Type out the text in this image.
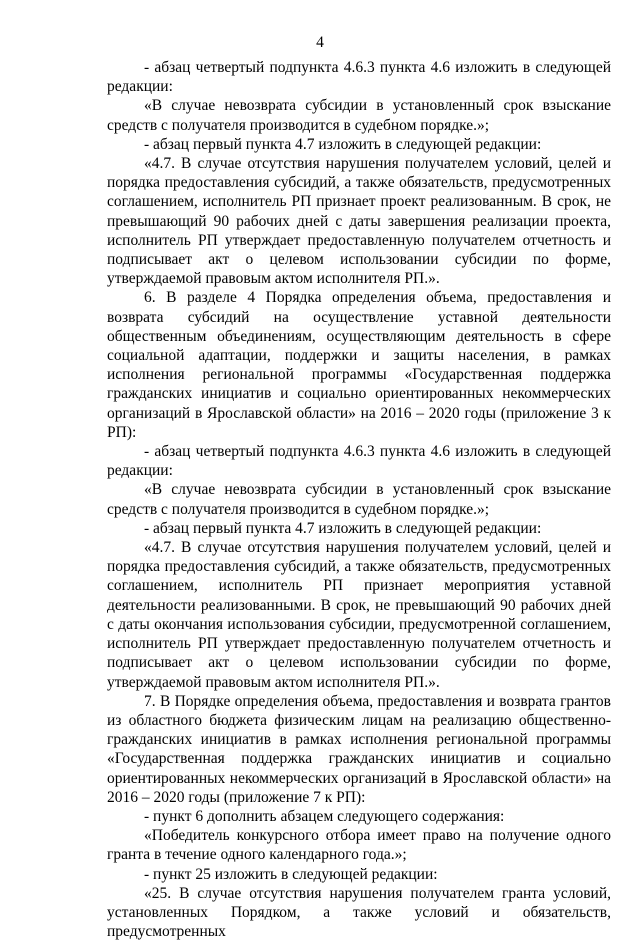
4

- абзац четвертый подпункта 4.6.3 пункта 4.6 изложить в следующей редакции:

«В случае невозврата субсидии в установленный срок взыскание средств с получателя производится в судебном порядке.»;

- абзац первый пункта 4.7 изложить в следующей редакции:

«4.7. В случае отсутствия нарушения получателем условий, целей и порядка предоставления субсидий, а также обязательств, предусмотренных соглашением, исполнитель РП признает проект реализованным. В срок, не превышающий 90 рабочих дней с даты завершения реализации проекта, исполнитель РП утверждает предоставленную получателем отчетность и подписывает акт о целевом использовании субсидии по форме, утверждаемой правовым актом исполнителя РП.».

6. В разделе 4 Порядка определения объема, предоставления и возврата субсидий на осуществление уставной деятельности общественным объединениям, осуществляющим деятельность в сфере социальной адаптации, поддержки и защиты населения, в рамках исполнения региональной программы «Государственная поддержка гражданских инициатив и социально ориентированных некоммерческих организаций в Ярославской области» на 2016 – 2020 годы (приложение 3 к РП):

- абзац четвертый подпункта 4.6.3 пункта 4.6 изложить в следующей редакции:

«В случае невозврата субсидии в установленный срок взыскание средств с получателя производится в судебном порядке.»;

- абзац первый пункта 4.7 изложить в следующей редакции:

«4.7. В случае отсутствия нарушения получателем условий, целей и порядка предоставления субсидий, а также обязательств, предусмотренных соглашением, исполнитель РП признает мероприятия уставной деятельности реализованными. В срок, не превышающий 90 рабочих дней с даты окончания использования субсидии, предусмотренной соглашением, исполнитель РП утверждает предоставленную получателем отчетность и подписывает акт о целевом использовании субсидии по форме, утверждаемой правовым актом исполнителя РП.».

7. В Порядке определения объема, предоставления и возврата грантов из областного бюджета физическим лицам на реализацию общественно-гражданских инициатив в рамках исполнения региональной программы «Государственная поддержка гражданских инициатив и социально ориентированных некоммерческих организаций в Ярославской области» на 2016 – 2020 годы (приложение 7 к РП):

- пункт 6 дополнить абзацем следующего содержания:

«Победитель конкурсного отбора имеет право на получение одного гранта в течение одного календарного года.»;

- пункт 25 изложить в следующей редакции:

«25. В случае отсутствия нарушения получателем гранта условий, установленных Порядком, а также условий и обязательств, предусмотренных
